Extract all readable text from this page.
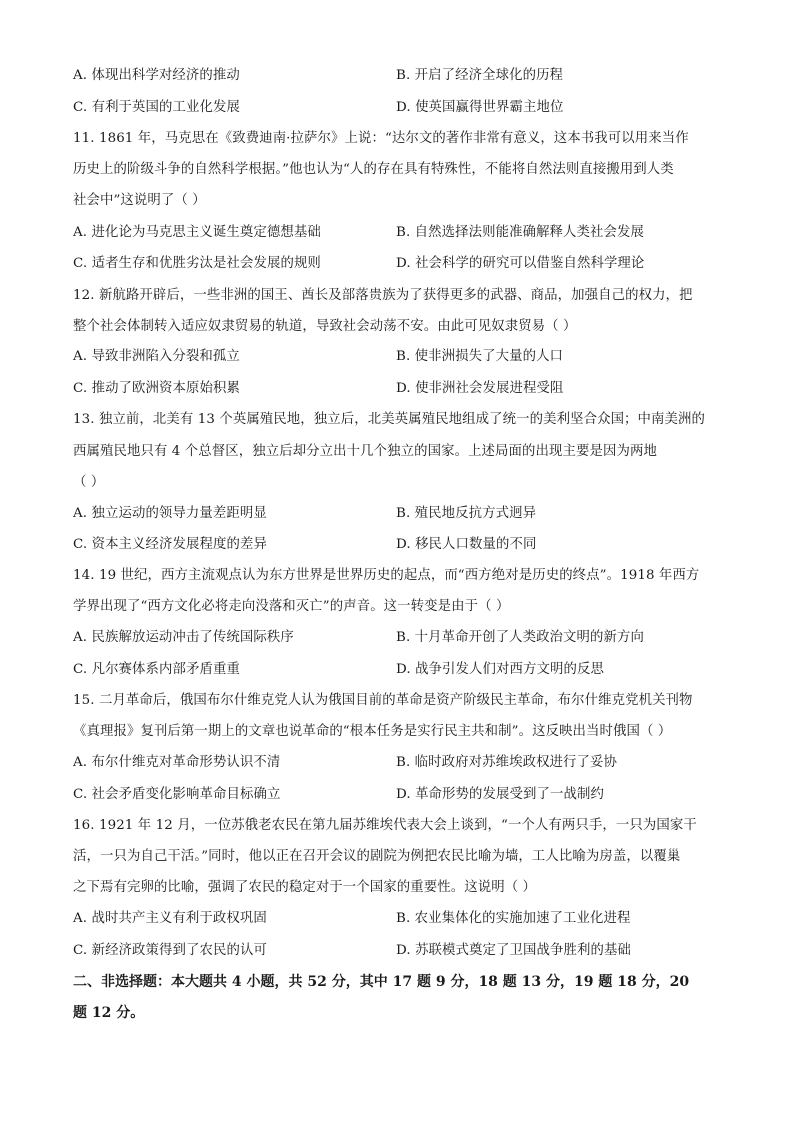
A. 体现出科学对经济的推动	B. 开启了经济全球化的历程
C. 有利于英国的工业化发展	D. 使英国赢得世界霸主地位
11. 1861 年，马克思在《致费迪南·拉萨尔》上说：“达尔文的著作非常有意义，这本书我可以用来当作
历史上的阶级斗争的自然科学根据。”他也认为“人的存在具有特殊性，不能将自然法则直接搬用到人类
社会中”这说明了（ ）
A. 进化论为马克思主义诞生奠定德想基础	B. 自然选择法则能准确解释人类社会发展
C. 适者生存和优胜劣汰是社会发展的规则	D. 社会科学的研究可以借鉴自然科学理论
12. 新航路开辟后，一些非洲的国王、酋长及部落贵族为了获得更多的武器、商品，加强自己的权力，把
整个社会体制转入适应奴隶贸易的轨道，导致社会动荡不安。由此可见奴隶贸易（ ）
A. 导致非洲陷入分裂和孤立	B. 使非洲损失了大量的人口
C. 推动了欧洲资本原始积累	D. 使非洲社会发展进程受阻
13. 独立前，北美有 13 个英属殖民地，独立后，北美英属殖民地组成了统一的美利坚合众国；中南美洲的
西属殖民地只有 4 个总督区，独立后却分立出十几个独立的国家。上述局面的出现主要是因为两地
（ ）
A. 独立运动的领导力量差距明显	B. 殖民地反抗方式迥异
C. 资本主义经济发展程度的差异	D. 移民人口数量的不同
14. 19 世纪，西方主流观点认为东方世界是世界历史的起点，而“西方绝对是历史的终点”。1918 年西方
学界出现了“西方文化必将走向没落和灭亡”的声音。这一转变是由于（ ）
A. 民族解放运动冲击了传统国际秩序	B. 十月革命开创了人类政治文明的新方向
C. 凡尔赛体系内部矛盾重重	D. 战争引发人们对西方文明的反思
15. 二月革命后，俄国布尔什维克党人认为俄国目前的革命是资产阶级民主革命，布尔什维克党机关刊物
《真理报》复刊后第一期上的文章也说革命的“根本任务是实行民主共和制”。这反映出当时俄国（ ）
A. 布尔什维克对革命形势认识不清	B. 临时政府对苏维埃政权进行了妥协
C. 社会矛盾变化影响革命目标确立	D. 革命形势的发展受到了一战制约
16. 1921 年 12 月，一位苏俄老农民在第九届苏维埃代表大会上谈到，“一个人有两只手，一只为国家干
活，一只为自己干活。”同时，他以正在召开会议的剧院为例把农民比喻为墙，工人比喻为房盖，以覆巢
之下焉有完卵的比喻，强调了农民的稳定对于一个国家的重要性。这说明（ ）
A. 战时共产主义有利于政权巩固	B. 农业集体化的实施加速了工业化进程
C. 新经济政策得到了农民的认可	D. 苏联模式奠定了卫国战争胜利的基础
二、非选择题：本大题共 4 小题，共 52 分，其中 17 题 9 分，18 题 13 分，19 题 18 分，20
题 12 分。
